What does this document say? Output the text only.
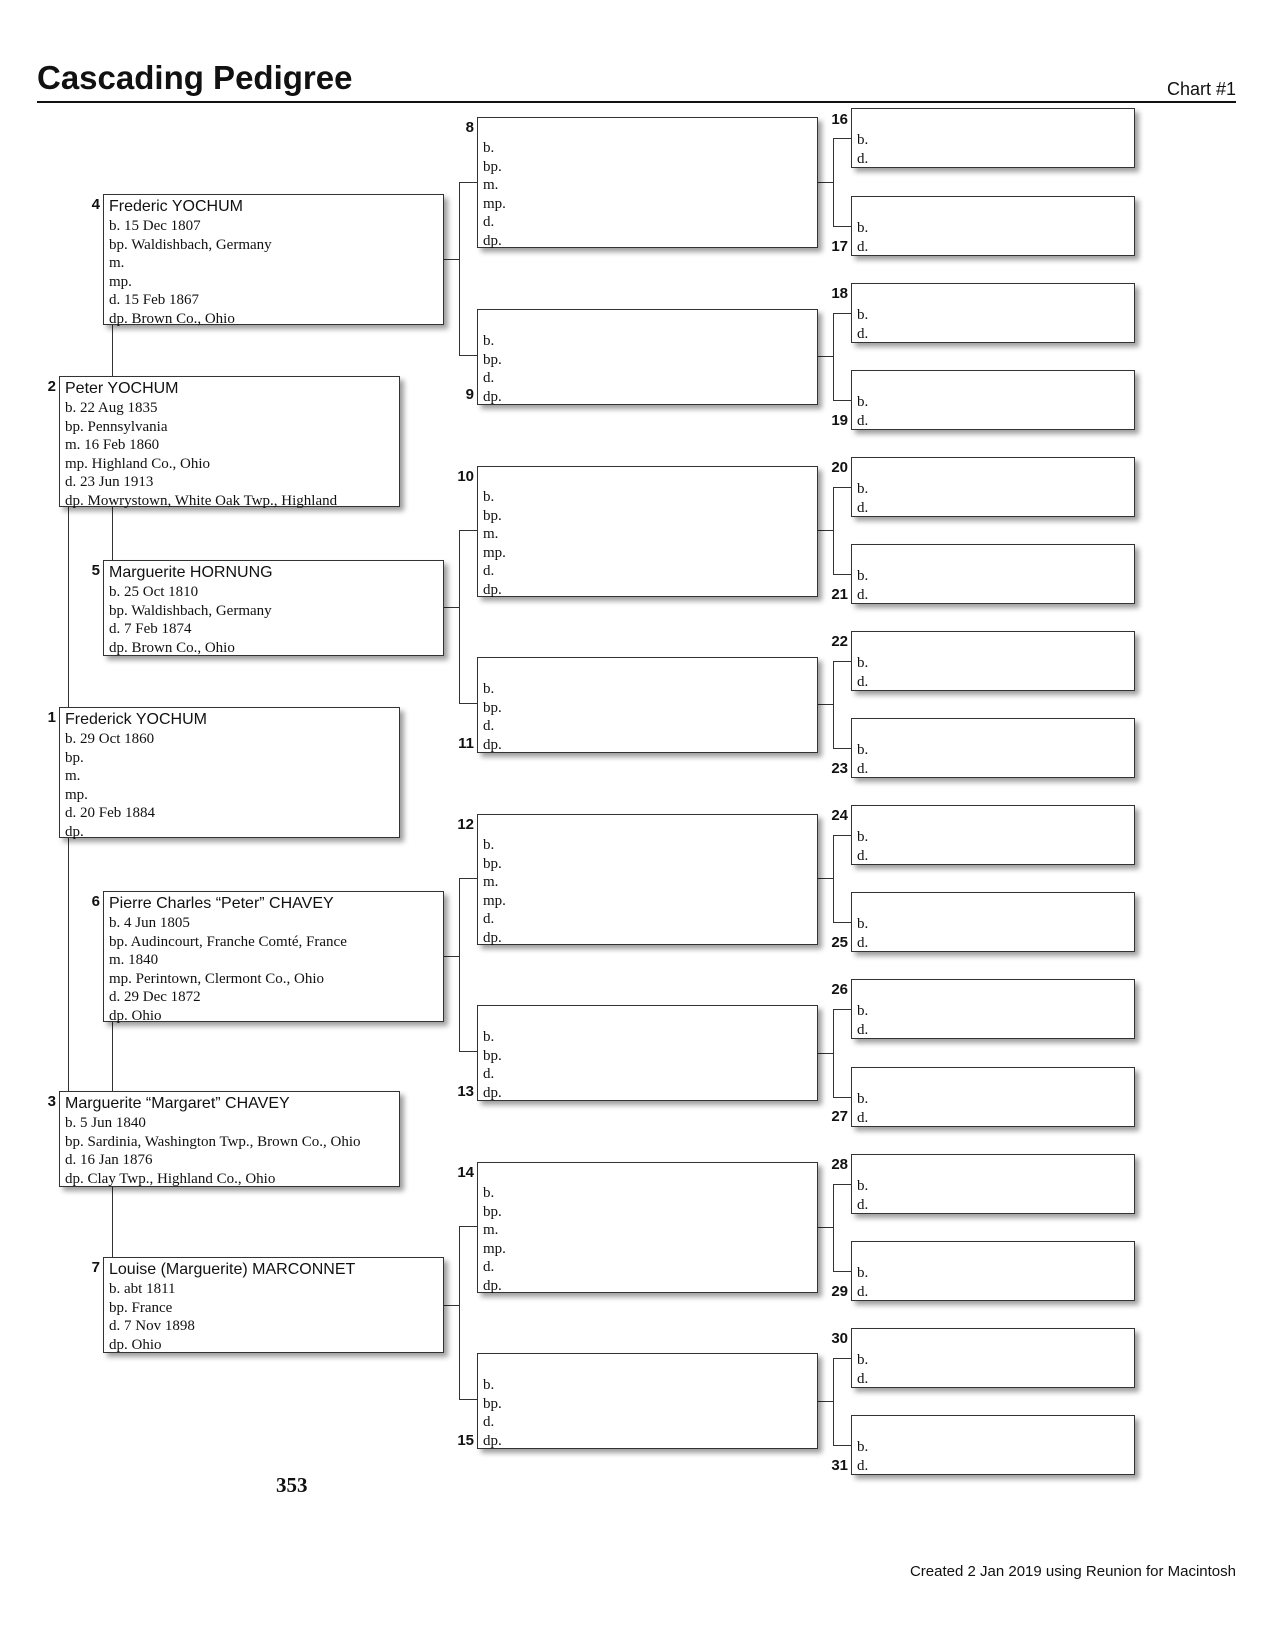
Cascading Pedigree	Chart #1
Frederick YOCHUM
b. 29 Oct 1860
bp.
m.
mp.
d. 20 Feb 1884
dp.
1
Peter YOCHUM
b. 22 Aug 1835
bp. Pennsylvania
m. 16 Feb 1860
mp. Highland Co., Ohio
d. 23 Jun 1913
dp. Mowrystown, White Oak Twp., Highland
2
Marguerite “Margaret” CHAVEY
b. 5 Jun 1840
bp. Sardinia, Washington Twp., Brown Co., Ohio
d. 16 Jan 1876
dp. Clay Twp., Highland Co., Ohio
3
Frederic YOCHUM
b. 15 Dec 1807
bp. Waldishbach, Germany
m.
mp.
d. 15 Feb 1867
dp. Brown Co., Ohio
4
Marguerite HORNUNG
b. 25 Oct 1810
bp. Waldishbach, Germany
d. 7 Feb 1874
dp. Brown Co., Ohio
5
Pierre Charles “Peter” CHAVEY
b. 4 Jun 1805
bp. Audincourt, Franche Comté, France
m. 1840
mp. Perintown, Clermont Co., Ohio
d. 29 Dec 1872
dp. Ohio
6
Louise (Marguerite) MARCONNET
b. abt 1811
bp. France
d. 7 Nov 1898
dp. Ohio
7
b.
bp.
m.
mp.
d.
dp.
8
b.
bp.
d.
dp.
9
b.
bp.
m.
mp.
d.
dp.
10
b.
bp.
d.
dp.
11
b.
bp.
m.
mp.
d.
dp.
12
b.
bp.
d.
dp.
13
b.
bp.
m.
mp.
d.
dp.
14
b.
bp.
d.
dp.
15
b.
d.
16
b.
d.
17
b.
d.
18
b.
d.
19
b.
d.
20
b.
d.
21
b.
d.
22
b.
d.
23
b.
d.
24
b.
d.
25
b.
d.
26
b.
d.
27
b.
d.
28
b.
d.
29
b.
d.
30
b.
d.
31
353
Created 2 Jan 2019 using Reunion for Macintosh
